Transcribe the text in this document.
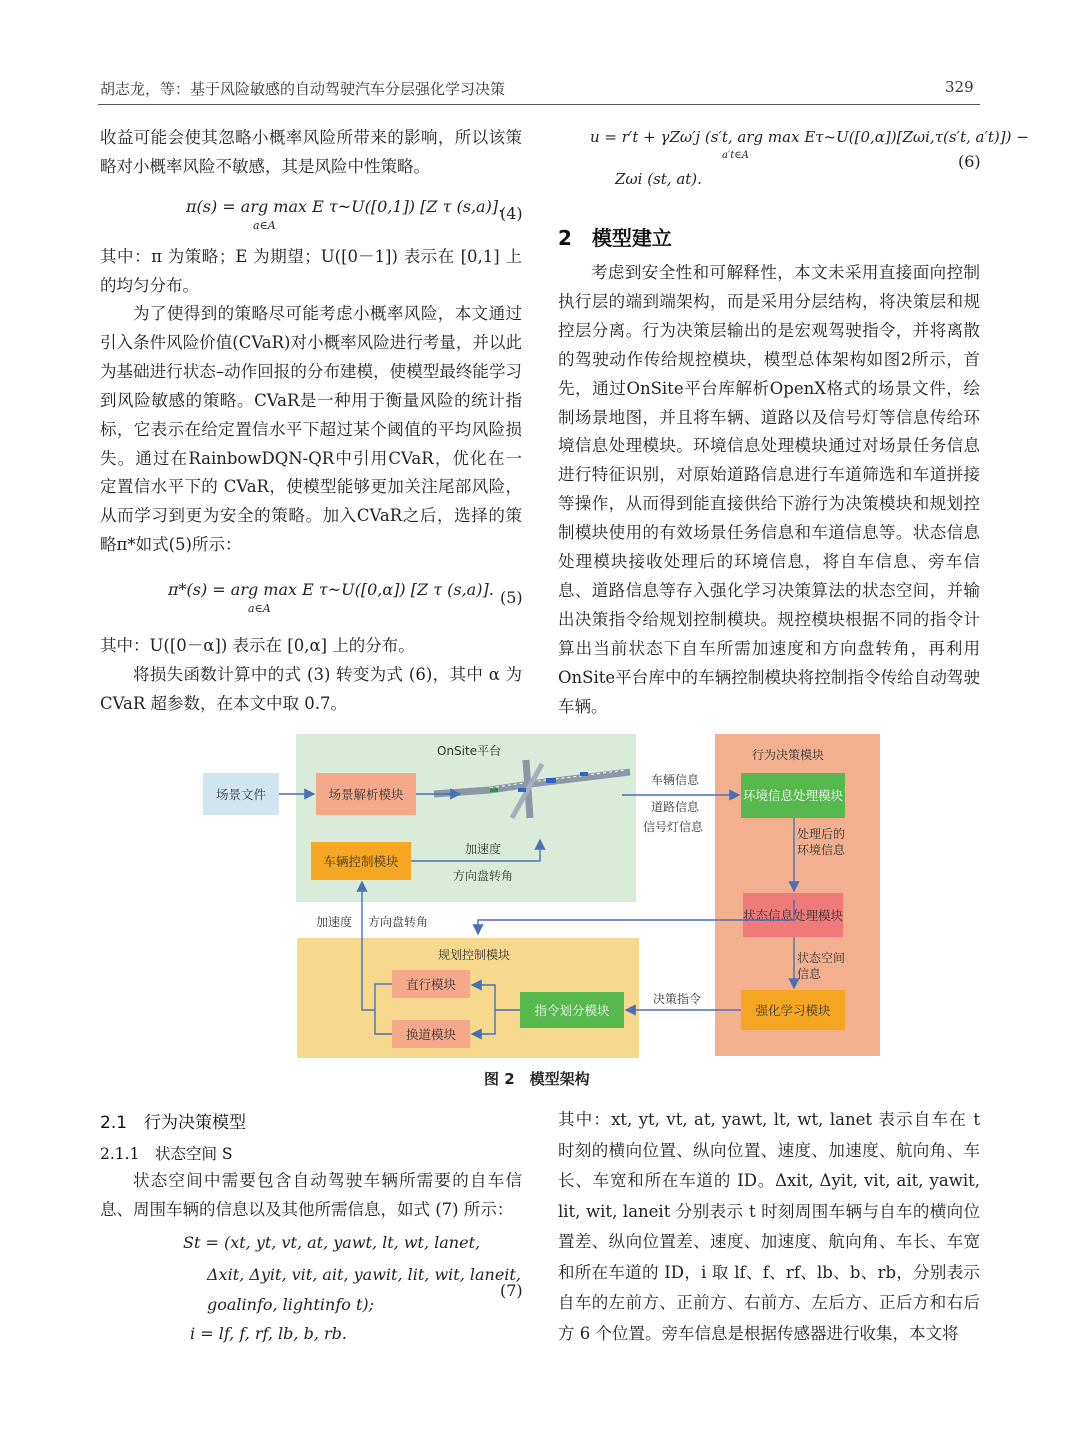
胡志龙，等：基于风险敏感的自动驾驶汽车分层强化学习决策	329

收益可能会使其忽略小概率风险所带来的影响，所以该策略对小概率风险不敏感，其是风险中性策略。

π(s) = arg max E τ~U([0,1]) [Z τ (s,a)].
a∈A
(4)

其中：π 为策略；E 为期望；U([0－1]) 表示在 [0,1] 上的均匀分布。

为了使得到的策略尽可能考虑小概率风险，本文通过引入条件风险价值(CVaR)对小概率风险进行考量，并以此为基础进行状态–动作回报的分布建模，使模型最终能学习到风险敏感的策略。CVaR是一种用于衡量风险的统计指标，它表示在给定置信水平下超过某个阈值的平均风险损失。通过在RainbowDQN-QR中引用CVaR，优化在一定置信水平下的 CVaR，使模型能够更加关注尾部风险，从而学习到更为安全的策略。加入CVaR之后，选择的策略π*如式(5)所示：

π*(s) = arg max E τ~U([0,α]) [Z τ (s,a)].
a∈A
(5)

其中：U([0－α]) 表示在 [0,α] 上的分布。

将损失函数计算中的式 (3) 转变为式 (6)，其中 α 为 CVaR 超参数，在本文中取 0.7。

u = r′t + γZω′j (s′t, arg max Eτ~U([0,α])[Zωi,τ(s′t, a′t)]) −
a′t∈A
Zωi (st, at).
(6)
2　模型建立

考虑到安全性和可解释性，本文未采用直接面向控制执行层的端到端架构，而是采用分层结构，将决策层和规控层分离。行为决策层输出的是宏观驾驶指令，并将离散的驾驶动作传给规控模块，模型总体架构如图2所示，首先，通过OnSite平台库解析OpenX格式的场景文件，绘制场景地图，并且将车辆、道路以及信号灯等信息传给环境信息处理模块。环境信息处理模块通过对场景任务信息进行特征识别，对原始道路信息进行车道筛选和车道拼接等操作，从而得到能直接供给下游行为决策模块和规划控制模块使用的有效场景任务信息和车道信息等。状态信息处理模块接收处理后的环境信息，将自车信息、旁车信息、道路信息等存入强化学习决策算法的状态空间，并输出决策指令给规划控制模块。规控模块根据不同的指令计算出当前状态下自车所需加速度和方向盘转角，再利用OnSite平台库中的车辆控制模块将控制指令传给自动驾驶车辆。

OnSite平台	行为决策模块
规划控制模块
场景文件	场景解析模块
车辆控制模块
环境信息处理模块
状态信息处理模块
强化学习模块
直行模块
换道模块
指令划分模块
车辆信息
道路信息
信号灯信息	处理后的环境信息
状态空间信息
加速度
方向盘转角
加速度 方向盘转角
决策指令
图 2　模型架构
2.1　行为决策模型
2.1.1　状态空间 S

状态空间中需要包含自动驾驶车辆所需要的自车信息、周围车辆的信息以及其他所需信息，如式 (7) 所示：

St = (xt, yt, vt, at, yawt, lt, wt, lanet,
Δxit, Δyit, vit, ait, yawit, lit, wit, laneit,
goalinfo, lightinfo t);
i = lf, f, rf, lb, b, rb.
(7)

其中：xt, yt, vt, at, yawt, lt, wt, lanet 表示自车在 t 时刻的横向位置、纵向位置、速度、加速度、航向角、车长、车宽和所在车道的 ID。Δxit, Δyit, vit, ait, yawit, lit, wit, laneit 分别表示 t 时刻周围车辆与自车的横向位置差、纵向位置差、速度、加速度、航向角、车长、车宽和所在车道的 ID，i 取 lf、f、rf、lb、b、rb，分别表示自车的左前方、正前方、右前方、左后方、正后方和右后方 6 个位置。旁车信息是根据传感器进行收集，本文将
